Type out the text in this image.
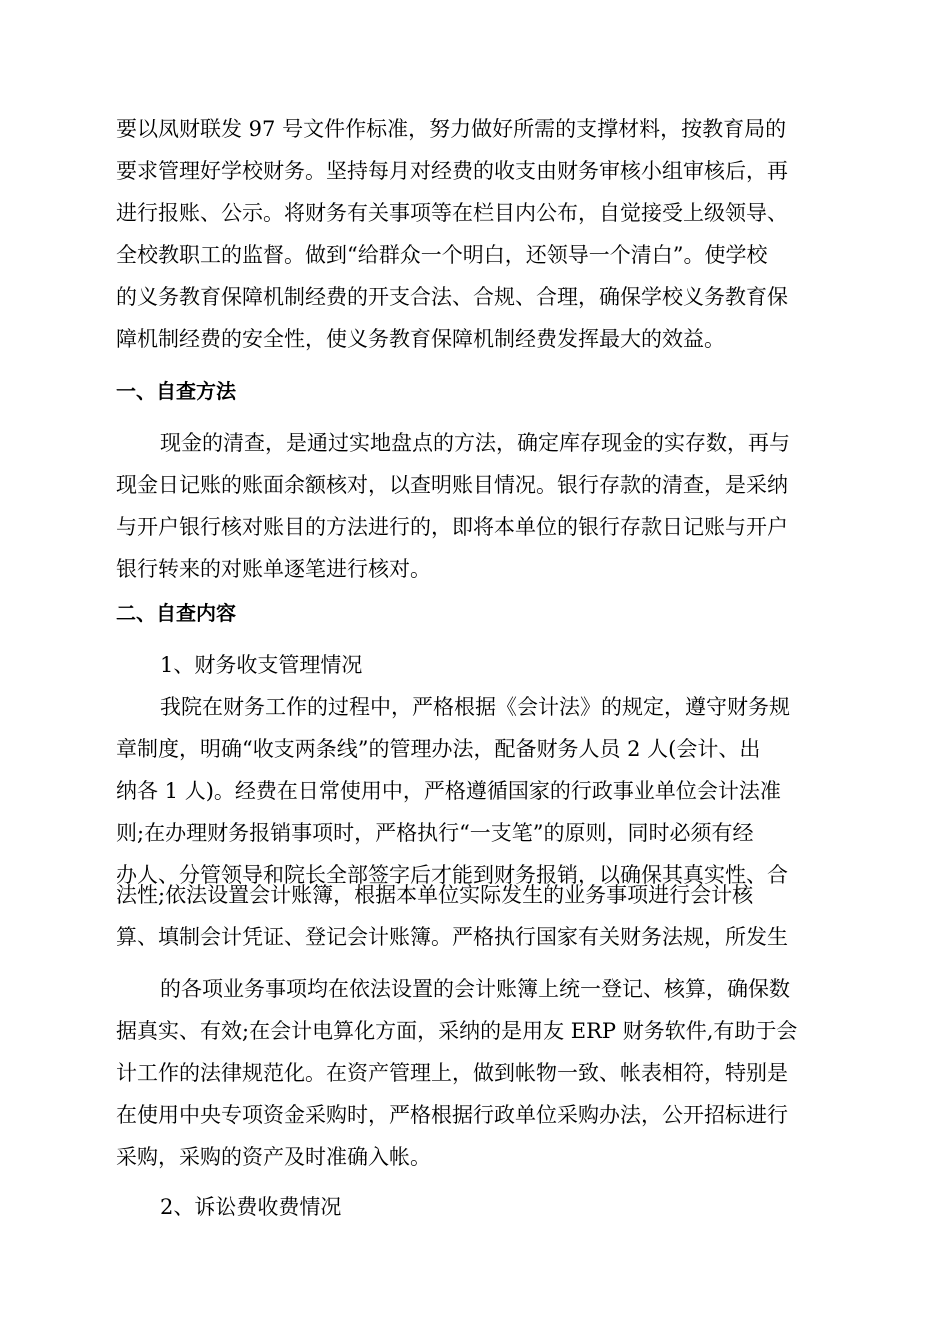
要以凤财联发 97 号文件作标准，努力做好所需的支撑材料，按教育局的
要求管理好学校财务。坚持每月对经费的收支由财务审核小组审核后，再
进行报账、公示。将财务有关事项等在栏目内公布，自觉接受上级领导、
全校教职工的监督。做到“给群众一个明白，还领导一个清白”。使学校
的义务教育保障机制经费的开支合法、合规、合理，确保学校义务教育保
障机制经费的安全性，使义务教育保障机制经费发挥最大的效益。
一、自查方法
现金的清查，是通过实地盘点的方法，确定库存现金的实存数，再与
现金日记账的账面余额核对，以查明账目情况。银行存款的清查，是采纳
与开户银行核对账目的方法进行的，即将本单位的银行存款日记账与开户
银行转来的对账单逐笔进行核对。
二、自查内容
1、财务收支管理情况
我院在财务工作的过程中，严格根据《会计法》的规定，遵守财务规
章制度，明确“收支两条线”的管理办法，配备财务人员 2 人(会计、出
纳各 1 人)。经费在日常使用中，严格遵循国家的行政事业单位会计法准
则;在办理财务报销事项时，严格执行“一支笔”的原则，同时必须有经
办人、分管领导和院长全部签字后才能到财务报销，以确保其真实性、合
法性;依法设置会计账簿，根据本单位实际发生的业务事项进行会计核
算、填制会计凭证、登记会计账簿。严格执行国家有关财务法规，所发生
的各项业务事项均在依法设置的会计账簿上统一登记、核算，确保数
据真实、有效;在会计电算化方面，采纳的是用友 ERP 财务软件,有助于会
计工作的法律规范化。在资产管理上，做到帐物一致、帐表相符，特别是
在使用中央专项资金采购时，严格根据行政单位采购办法，公开招标进行
采购，采购的资产及时准确入帐。
2、诉讼费收费情况
